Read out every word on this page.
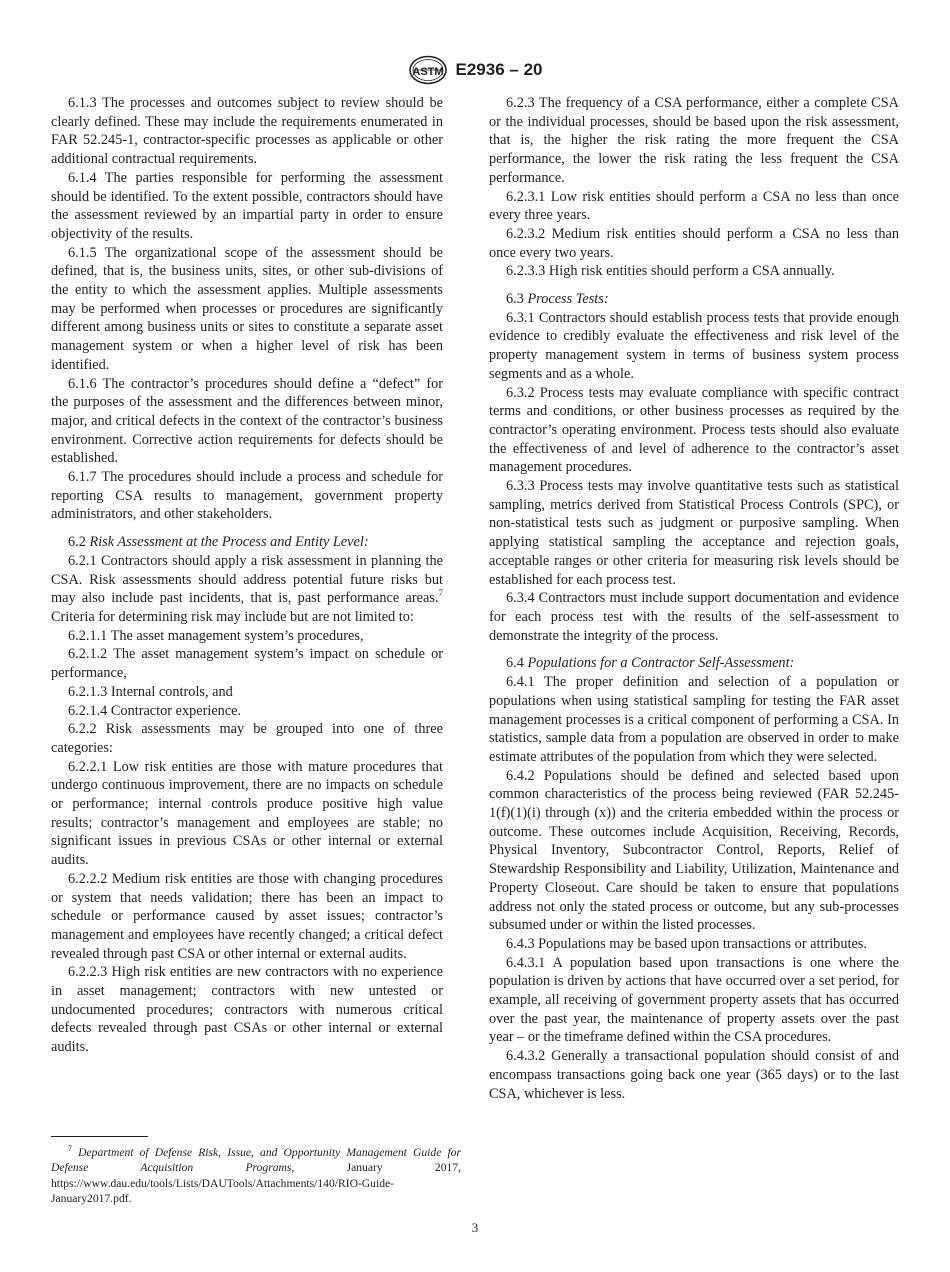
ASTM E2936 – 20

6.1.3 The processes and outcomes subject to review should be clearly defined. These may include the requirements enumerated in FAR 52.245-1, contractor-specific processes as applicable or other additional contractual requirements.

6.1.4 The parties responsible for performing the assessment should be identified. To the extent possible, contractors should have the assessment reviewed by an impartial party in order to ensure objectivity of the results.

6.1.5 The organizational scope of the assessment should be defined, that is, the business units, sites, or other sub-divisions of the entity to which the assessment applies. Multiple assessments may be performed when processes or procedures are significantly different among business units or sites to constitute a separate asset management system or when a higher level of risk has been identified.

6.1.6 The contractor’s procedures should define a “defect” for the purposes of the assessment and the differences between minor, major, and critical defects in the context of the contractor’s business environment. Corrective action requirements for defects should be established.

6.1.7 The procedures should include a process and schedule for reporting CSA results to management, government property administrators, and other stakeholders.

6.2 Risk Assessment at the Process and Entity Level:

6.2.1 Contractors should apply a risk assessment in planning the CSA. Risk assessments should address potential future risks but may also include past incidents, that is, past performance areas.$^7$ Criteria for determining risk may include but are not limited to:

6.2.1.1 The asset management system’s procedures,

6.2.1.2 The asset management system’s impact on schedule or performance,

6.2.1.3 Internal controls, and

6.2.1.4 Contractor experience.

6.2.2 Risk assessments may be grouped into one of three categories:

6.2.2.1 Low risk entities are those with mature procedures that undergo continuous improvement, there are no impacts on schedule or performance; internal controls produce positive high value results; contractor’s management and employees are stable; no significant issues in previous CSAs or other internal or external audits.

6.2.2.2 Medium risk entities are those with changing procedures or system that needs validation; there has been an impact to schedule or performance caused by asset issues; contractor’s management and employees have recently changed; a critical defect revealed through past CSA or other internal or external audits.

6.2.2.3 High risk entities are new contractors with no experience in asset management; contractors with new untested or undocumented procedures; contractors with numerous critical defects revealed through past CSAs or other internal or external audits.

6.2.3 The frequency of a CSA performance, either a complete CSA or the individual processes, should be based upon the risk assessment, that is, the higher the risk rating the more frequent the CSA performance, the lower the risk rating the less frequent the CSA performance.

6.2.3.1 Low risk entities should perform a CSA no less than once every three years.

6.2.3.2 Medium risk entities should perform a CSA no less than once every two years.

6.2.3.3 High risk entities should perform a CSA annually.

6.3 Process Tests:

6.3.1 Contractors should establish process tests that provide enough evidence to credibly evaluate the effectiveness and risk level of the property management system in terms of business system process segments and as a whole.

6.3.2 Process tests may evaluate compliance with specific contract terms and conditions, or other business processes as required by the contractor’s operating environment. Process tests should also evaluate the effectiveness of and level of adherence to the contractor’s asset management procedures.

6.3.3 Process tests may involve quantitative tests such as statistical sampling, metrics derived from Statistical Process Controls (SPC), or non-statistical tests such as judgment or purposive sampling. When applying statistical sampling the acceptance and rejection goals, acceptable ranges or other criteria for measuring risk levels should be established for each process test.

6.3.4 Contractors must include support documentation and evidence for each process test with the results of the self-assessment to demonstrate the integrity of the process.

6.4 Populations for a Contractor Self-Assessment:

6.4.1 The proper definition and selection of a population or populations when using statistical sampling for testing the FAR asset management processes is a critical component of performing a CSA. In statistics, sample data from a population are observed in order to make estimate attributes of the population from which they were selected.

6.4.2 Populations should be defined and selected based upon common characteristics of the process being reviewed (FAR 52.245-1(f)(1)(i) through (x)) and the criteria embedded within the process or outcome. These outcomes include Acquisition, Receiving, Records, Physical Inventory, Subcontractor Control, Reports, Relief of Stewardship Responsibility and Liability, Utilization, Maintenance and Property Closeout. Care should be taken to ensure that populations address not only the stated process or outcome, but any sub-processes subsumed under or within the listed processes.

6.4.3 Populations may be based upon transactions or attributes.

6.4.3.1 A population based upon transactions is one where the population is driven by actions that have occurred over a set period, for example, all receiving of government property assets that has occurred over the past year, the maintenance of property assets over the past year – or the timeframe defined within the CSA procedures.

6.4.3.2 Generally a transactional population should consist of and encompass transactions going back one year (365 days) or to the last CSA, whichever is less.

$^7$ Department of Defense Risk, Issue, and Opportunity Management Guide for Defense Acquisition Programs, January 2017, https://www.dau.edu/tools/Lists/DAUTools/Attachments/140/RIO-Guide-January2017.pdf.

3
